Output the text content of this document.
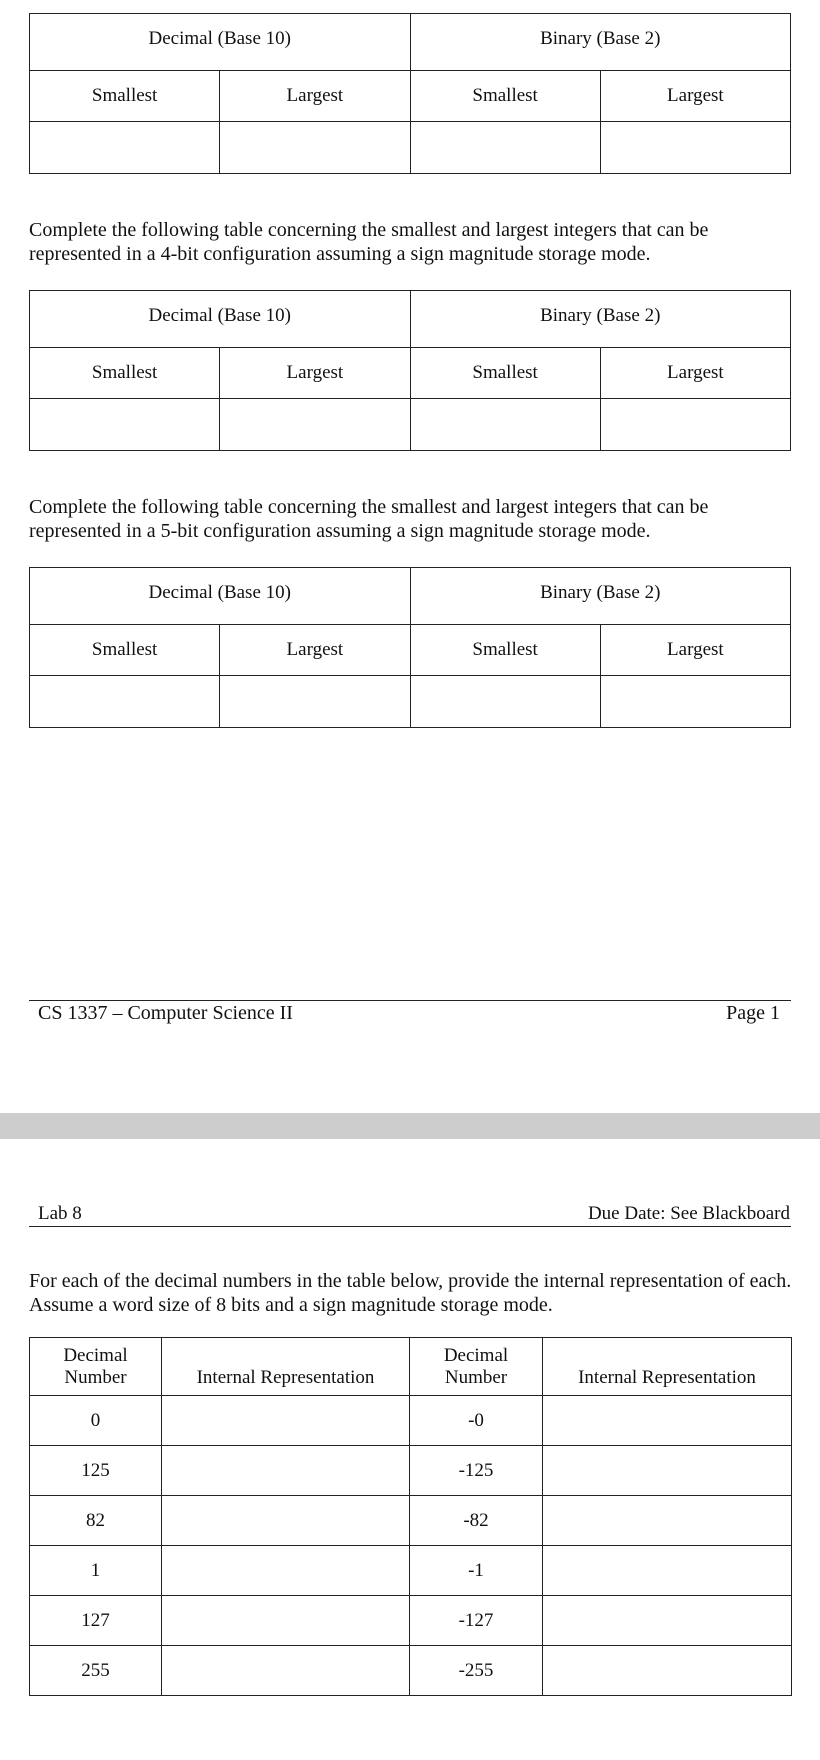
Decimal (Base 10)		Binary (Base 2)	
Smallest	Largest	Smallest	Largest

Complete the following table concerning the smallest and largest integers that can be represented in a 4-bit configuration assuming a sign magnitude storage mode.

Decimal (Base 10)		Binary (Base 2)	
Smallest	Largest	Smallest	Largest

Complete the following table concerning the smallest and largest integers that can be represented in a 5-bit configuration assuming a sign magnitude storage mode.

Decimal (Base 10)		Binary (Base 2)	
Smallest	Largest	Smallest	Largest

CS 1337 – Computer Science II	Page 1
Lab 8	Due Date: See Blackboard

For each of the decimal numbers in the table below, provide the internal representation of each. Assume a word size of 8 bits and a sign magnitude storage mode.

Decimal Number	Internal Representation	Decimal Number	Internal Representation
0		-0	
125		-125	
82		-82	
1		-1	
127		-127	
255		-255	
